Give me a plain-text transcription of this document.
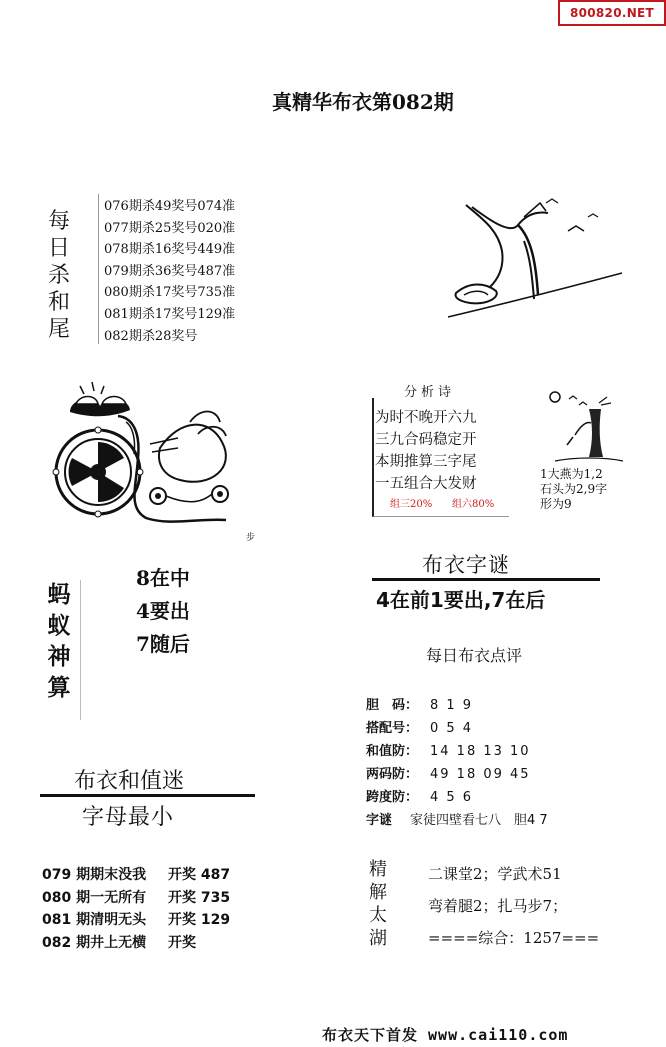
800820.NET
真精华布衣第082期
每
日
杀
和
尾
076期杀49奖号074准
077期杀25奖号020准
078期杀16奖号449准
079期杀36奖号487准
080期杀17奖号735准
081期杀17奖号129准
082期杀28奖号
步
分析诗
为时不晚开六九
三九合码稳定开
本期推算三字尾
一五组合大发财
组三20% 组六80%
1大燕为1,2
石头为2,9字
形为9
蚂
蚁
神
算
8在中
4要出
7随后
布衣字谜
4在前1要出,7在后
每日布衣点评
胆　码： 8 1 9
搭配号： 0 5 4
和值防： 14 18 13 10
两码防： 49 18 09 45
跨度防： 4 5 6
字谜 家徒四壁看七八　胆4 7
布衣和值迷
字母最小
079 期期末没我 开奖 487
080 期一无所有 开奖 735
081 期清明无头 开奖 129
082 期井上无横 开奖
精
解
太
湖
二课堂2；学武术51
弯着腿2；扎马步7；
====综合：1257===
布衣天下首发 www.cai110.com
